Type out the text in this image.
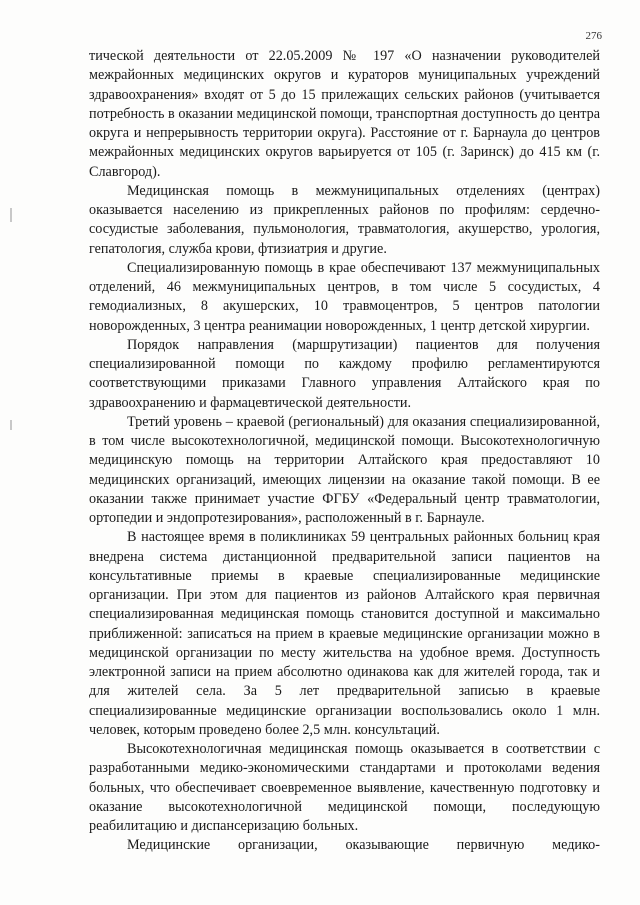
276

тической деятельности от 22.05.2009 № 197 «О назначении руководителей межрайонных медицинских округов и кураторов муниципальных учреждений здравоохранения» входят от 5 до 15 прилежащих сельских районов (учитывается потребность в оказании медицинской помощи, транспортная доступность до центра округа и непрерывность территории округа). Расстояние от г. Барнаула до центров межрайонных медицинских округов варьируется от 105 (г. Заринск) до 415 км (г. Славгород).

Медицинская помощь в межмуниципальных отделениях (центрах) оказывается населению из прикрепленных районов по профилям: сердечно-сосудистые заболевания, пульмонология, травматология, акушерство, урология, гепатология, служба крови, фтизиатрия и другие.

Специализированную помощь в крае обеспечивают 137 межмуниципальных отделений, 46 межмуниципальных центров, в том числе 5 сосудистых, 4 гемодиализных, 8 акушерских, 10 травмоцентров, 5 центров патологии новорожденных, 3 центра реанимации новорожденных, 1 центр детской хирургии.

Порядок направления (маршрутизации) пациентов для получения специализированной помощи по каждому профилю регламентируются соответствующими приказами Главного управления Алтайского края по здравоохранению и фармацевтической деятельности.

Третий уровень – краевой (региональный) для оказания специализированной, в том числе высокотехнологичной, медицинской помощи. Высокотехнологичную медицинскую помощь на территории Алтайского края предоставляют 10 медицинских организаций, имеющих лицензии на оказание такой помощи. В ее оказании также принимает участие ФГБУ «Федеральный центр травматологии, ортопедии и эндопротезирования», расположенный в г. Барнауле.

В настоящее время в поликлиниках 59 центральных районных больниц края внедрена система дистанционной предварительной записи пациентов на консультативные приемы в краевые специализированные медицинские организации. При этом для пациентов из районов Алтайского края первичная специализированная медицинская помощь становится доступной и максимально приближенной: записаться на прием в краевые медицинские организации можно в медицинской организации по месту жительства на удобное время. Доступность электронной записи на прием абсолютно одинакова как для жителей города, так и для жителей села. За 5 лет предварительной записью в краевые специализированные медицинские организации воспользовались около 1 млн. человек, которым проведено более 2,5 млн. консультаций.

Высокотехнологичная медицинская помощь оказывается в соответствии с разработанными медико-экономическими стандартами и протоколами ведения больных, что обеспечивает своевременное выявление, качественную подготовку и оказание высокотехнологичной медицинской помощи, последующую реабилитацию и диспансеризацию больных.

Медицинские организации, оказывающие первичную медико-
